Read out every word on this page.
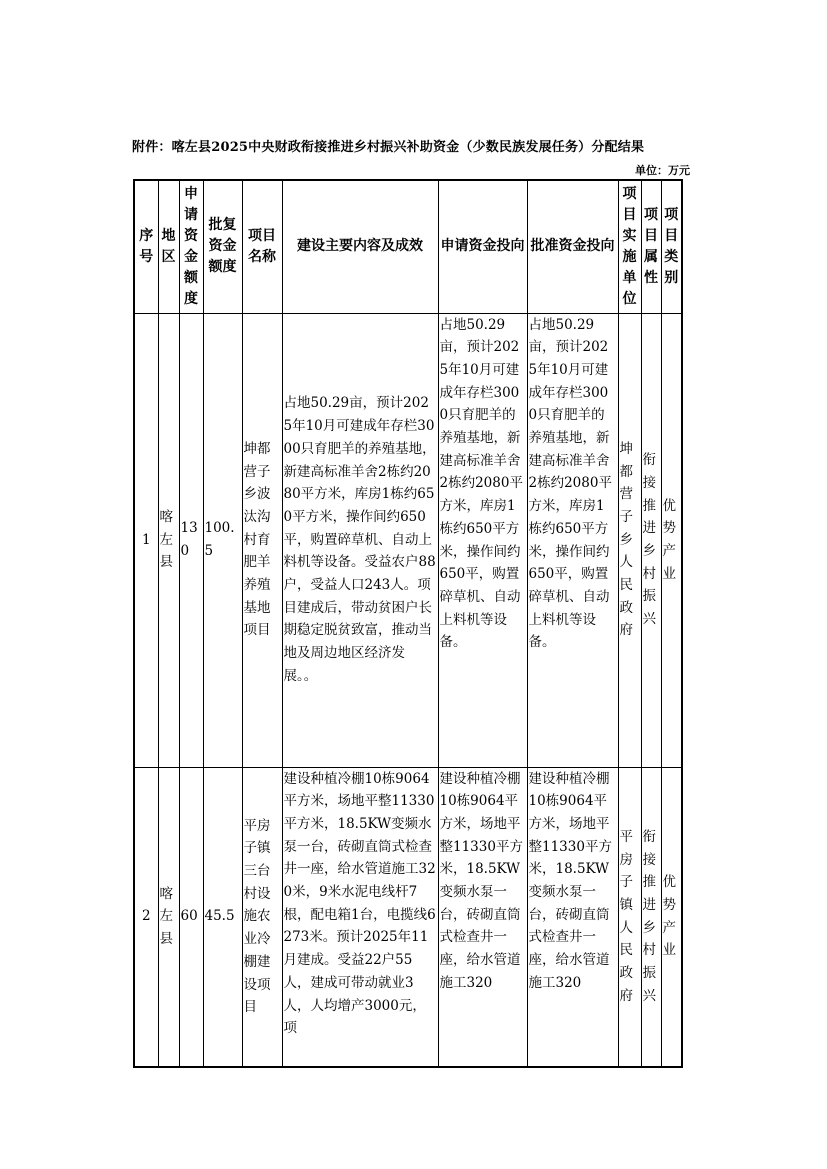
附件：喀左县2025中央财政衔接推进乡村振兴补助资金（少数民族发展任务）分配结果
单位：万元
序号	地区	申请资金额度	批复资金额度	项目名称	建设主要内容及成效	申请资金投向	批准资金投向	项目实施单位	项目属性	项目类别
1	喀左县	130	100.5	坤都营子乡波汰沟村育肥羊养殖基地项目	占地50.29亩，预计2025年10月可建成年存栏3000只育肥羊的养殖基地，新建高标准羊舍2栋约2080平方米，库房1栋约650平方米，操作间约650平，购置碎草机、自动上料机等设备。受益农户88户，受益人口243人。项目建成后，带动贫困户长期稳定脱贫致富，推动当地及周边地区经济发展。。	占地50.29亩，预计2025年10月可建成年存栏3000只育肥羊的养殖基地，新建高标准羊舍2栋约2080平方米，库房1栋约650平方米，操作间约650平，购置碎草机、自动上料机等设备。	占地50.29亩，预计2025年10月可建成年存栏3000只育肥羊的养殖基地，新建高标准羊舍2栋约2080平方米，库房1栋约650平方米，操作间约650平，购置碎草机、自动上料机等设备。	坤都营子乡人民政府	衔接推进乡村振兴	优势产业
2	喀左县	60	45.5	平房子镇三台村设施农业冷棚建设项目	建设种植冷棚10栋9064平方米，场地平整11330平方米，18.5KW变频水泵一台，砖砌直筒式检查井一座，给水管道施工320米，9米水泥电线杆7根，配电箱1台，电揽线6273米。预计2025年11月建成。受益22户55人，建成可带动就业3人，人均增产3000元，项	建设种植冷棚10栋9064平方米，场地平整11330平方米，18.5KW变频水泵一台，砖砌直筒式检查井一座，给水管道施工320	建设种植冷棚10栋9064平方米，场地平整11330平方米，18.5KW变频水泵一台，砖砌直筒式检查井一座，给水管道施工320	平房子镇人民政府	衔接推进乡村振兴	优势产业
